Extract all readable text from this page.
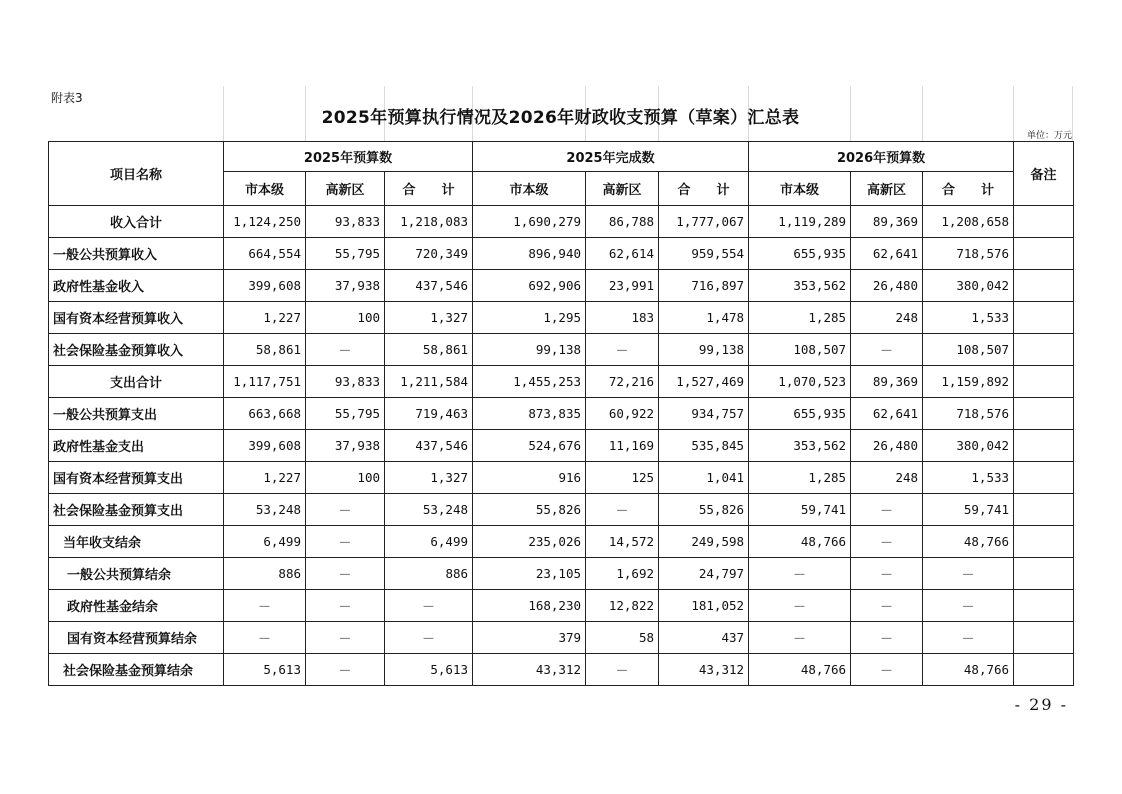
附表3
2025年预算执行情况及2026年财政收支预算（草案）汇总表
单位：万元
项目名称	2025年预算数			2025年完成数			2026年预算数			备注
	市本级	高新区	合　　计	市本级	高新区	合　　计	市本级	高新区	合　　计	
收入合计	1,124,250	93,833	1,218,083	1,690,279	86,788	1,777,067	1,119,289	89,369	1,208,658	
一般公共预算收入	664,554	55,795	720,349	896,940	62,614	959,554	655,935	62,641	718,576	
政府性基金收入	399,608	37,938	437,546	692,906	23,991	716,897	353,562	26,480	380,042	
国有资本经营预算收入	1,227	100	1,327	1,295	183	1,478	1,285	248	1,533	
社会保险基金预算收入	58,861	－	58,861	99,138	－	99,138	108,507	－	108,507	
支出合计	1,117,751	93,833	1,211,584	1,455,253	72,216	1,527,469	1,070,523	89,369	1,159,892	
一般公共预算支出	663,668	55,795	719,463	873,835	60,922	934,757	655,935	62,641	718,576	
政府性基金支出	399,608	37,938	437,546	524,676	11,169	535,845	353,562	26,480	380,042	
国有资本经营预算支出	1,227	100	1,327	916	125	1,041	1,285	248	1,533	
社会保险基金预算支出	53,248	－	53,248	55,826	－	55,826	59,741	－	59,741	
当年收支结余	6,499	－	6,499	235,026	14,572	249,598	48,766	－	48,766	
一般公共预算结余	886	－	886	23,105	1,692	24,797	－	－	－	
政府性基金结余	－	－	－	168,230	12,822	181,052	－	－	－	
国有资本经营预算结余	－	－	－	379	58	437	－	－	－	
社会保险基金预算结余	5,613	－	5,613	43,312	－	43,312	48,766	－	48,766	
- 29 -
